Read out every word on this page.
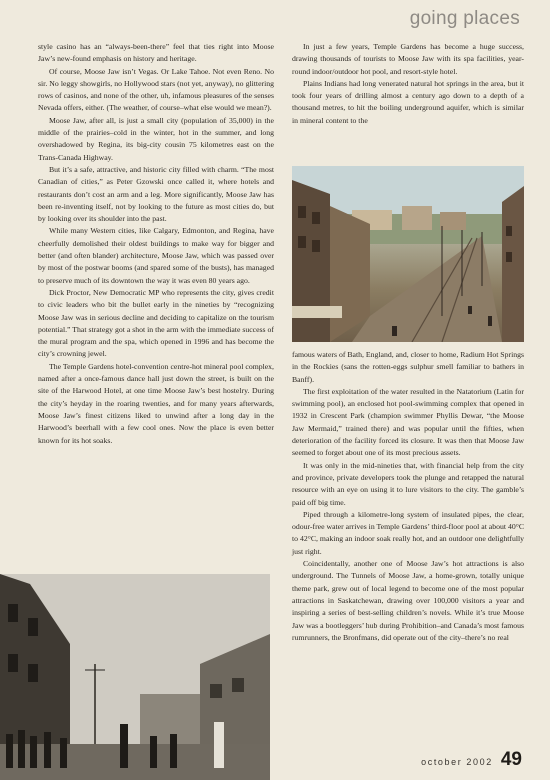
going places

style casino has an “always-been-there” feel that ties right into Moose Jaw’s new-found emphasis on history and heritage.

Of course, Moose Jaw isn’t Vegas. Or Lake Tahoe. Not even Reno. No sir. No leggy showgirls, no Hollywood stars (not yet, anyway), no glittering rows of casinos, and none of the other, uh, infamous pleasures of the senses Nevada offers, either. (The weather, of course–what else would we mean?).

Moose Jaw, after all, is just a small city (population of 35,000) in the middle of the prairies–cold in the winter, hot in the summer, and long overshadowed by Regina, its big-city cousin 75 kilometres east on the Trans-Canada Highway.

But it’s a safe, attractive, and historic city filled with charm. “The most Canadian of cities,” as Peter Gzowski once called it, where hotels and restaurants don’t cost an arm and a leg. More significantly, Moose Jaw has been re-inventing itself, not by looking to the future as most cities do, but by looking over its shoulder into the past.

While many Western cities, like Calgary, Edmonton, and Regina, have cheerfully demolished their oldest buildings to make way for bigger and better (and often blander) architecture, Moose Jaw, which was passed over by most of the postwar booms (and spared some of the busts), has managed to preserve much of its downtown the way it was even 80 years ago.

Dick Proctor, New Democratic MP who represents the city, gives credit to civic leaders who bit the bullet early in the nineties by “recognizing Moose Jaw was in serious decline and deciding to capitalize on the tourism potential.” That strategy got a shot in the arm with the immediate success of the mural program and the spa, which opened in 1996 and has become the city’s crowning jewel.

The Temple Gardens hotel-convention centre-hot mineral pool complex, named after a once-famous dance hall just down the street, is built on the site of the Harwood Hotel, at one time Moose Jaw’s best hostelry. During the city’s heyday in the roaring twenties, and for many years afterwards, Moose Jaw’s finest citizens liked to unwind after a long day in the Harwood’s beerhall with a few cool ones. Now the place is even better known for its hot soaks.

In just a few years, Temple Gardens has become a huge success, drawing thousands of tourists to Moose Jaw with its spa facilities, year-round indoor/outdoor hot pool, and resort-style hotel.

Plains Indians had long venerated natural hot springs in the area, but it took four years of drilling almost a century ago down to a depth of a thousand metres, to hit the boiling underground aquifer, which is similar in mineral content to the

famous waters of Bath, England, and, closer to home, Radium Hot Springs in the Rockies (sans the rotten-eggs sulphur smell familiar to bathers in Banff).

The first exploitation of the water resulted in the Natatorium (Latin for swimming pool), an enclosed hot pool-swimming complex that opened in 1932 in Crescent Park (champion swimmer Phyllis Dewar, “the Moose Jaw Mermaid,” trained there) and was popular until the fifties, when deterioration of the facility forced its closure. It was then that Moose Jaw seemed to forget about one of its most precious assets.

It was only in the mid-nineties that, with financial help from the city and province, private developers took the plunge and retapped the natural resource with an eye on using it to lure visitors to the city. The gamble’s paid off big time.

Piped through a kilometre-long system of insulated pipes, the clear, odour-free water arrives in Temple Gardens’ third-floor pool at about 40°C to 42°C, making an indoor soak really hot, and an outdoor one delightfully just right.

Coincidentally, another one of Moose Jaw’s hot attractions is also underground. The Tunnels of Moose Jaw, a home-grown, totally unique theme park, grew out of local legend to become one of the most popular attractions in Saskatchewan, drawing over 100,000 visitors a year and inspiring a series of best-selling children’s novels. While it’s true Moose Jaw was a bootleggers’ hub during Prohibition–and Canada’s most famous rumrunners, the Bronfmans, did operate out of the city–there’s no real

october 2002 49
